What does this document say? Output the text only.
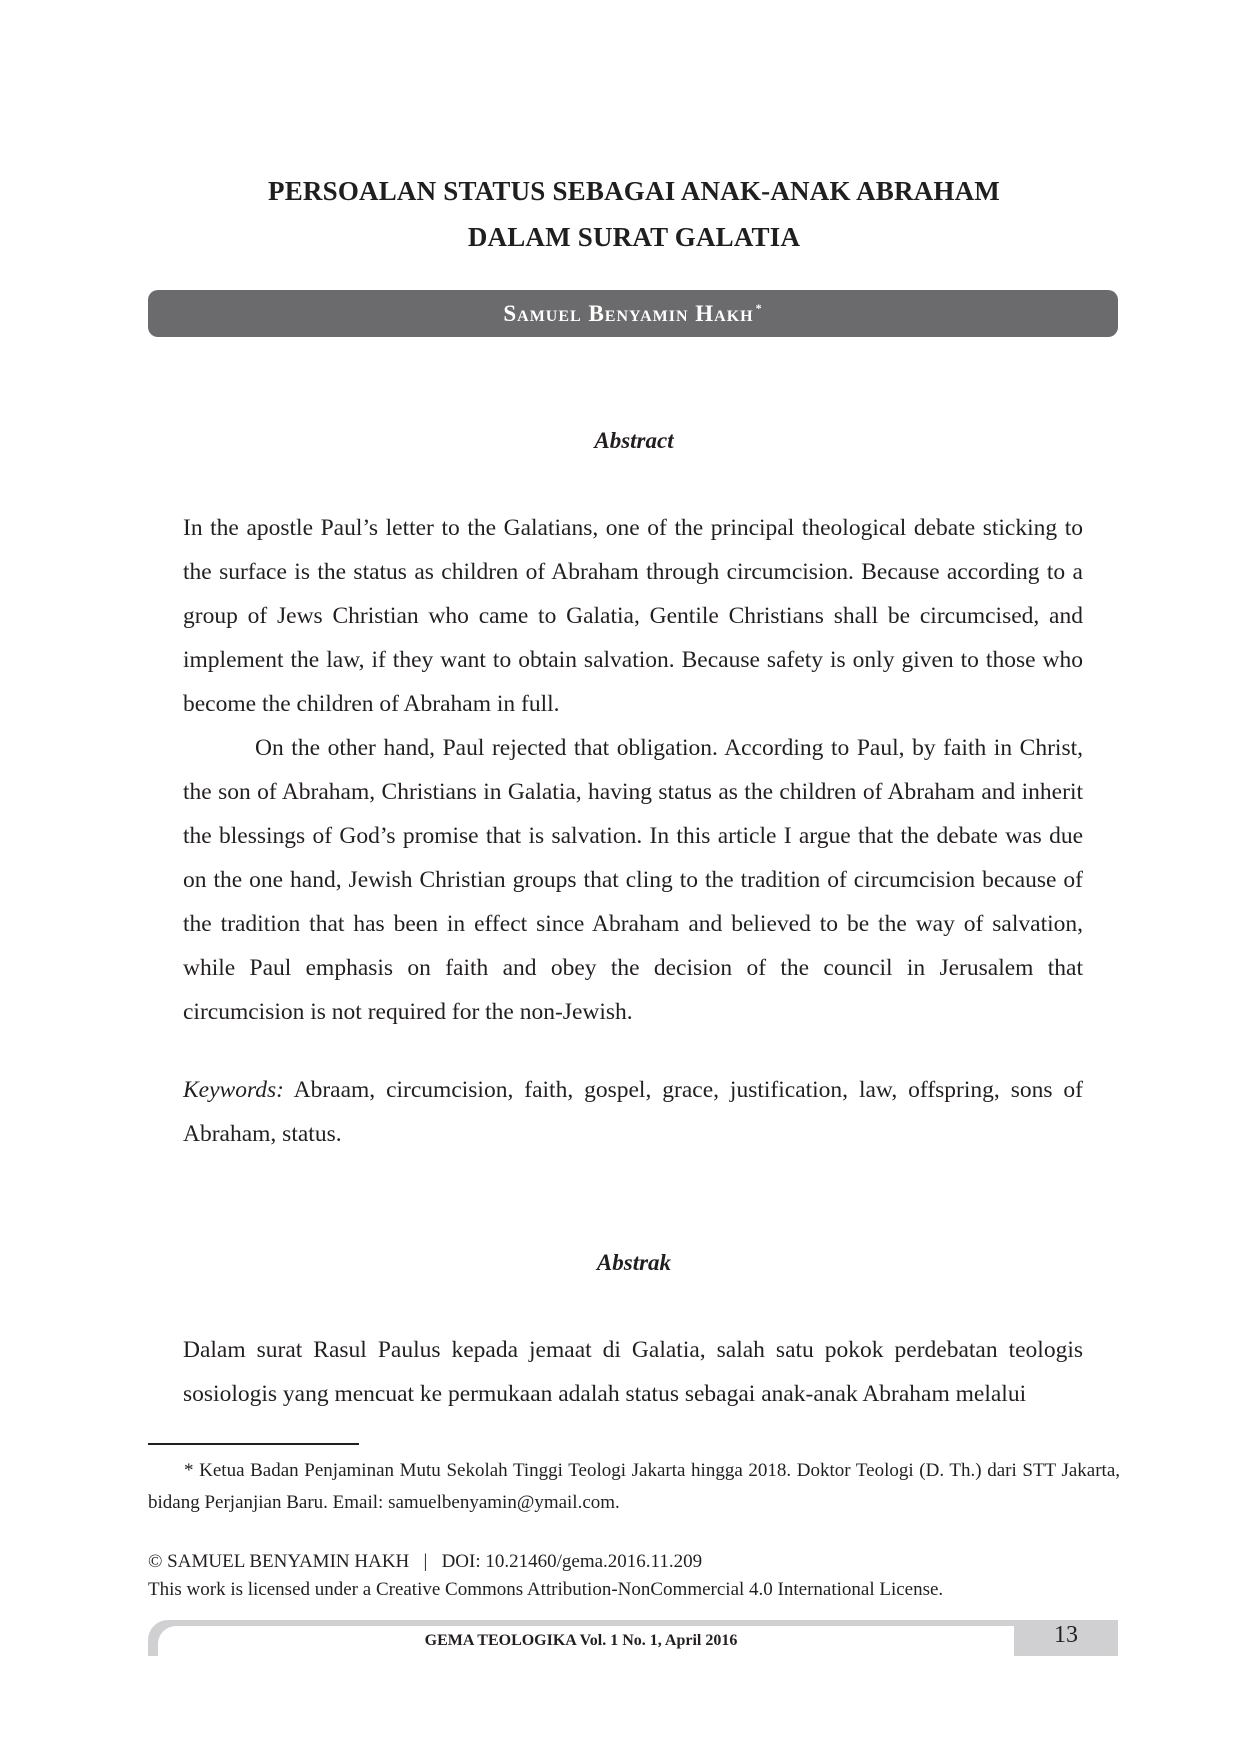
PERSOALAN STATUS SEBAGAI ANAK-ANAK ABRAHAM
DALAM SURAT GALATIA
Samuel Benyamin Hakh *
Abstract

In the apostle Paul’s letter to the Galatians, one of the principal theological debate sticking to the surface is the status as children of Abraham through circumcision. Because according to a group of Jews Christian who came to Galatia, Gentile Christians shall be circumcised, and implement the law, if they want to obtain salvation. Because safety is only given to those who become the children of Abraham in full.

On the other hand, Paul rejected that obligation. According to Paul, by faith in Christ, the son of Abraham, Christians in Galatia, having status as the children of Abraham and inherit the blessings of God’s promise that is salvation. In this article I argue that the debate was due on the one hand, Jewish Christian groups that cling to the tradition of circumcision because of the tradition that has been in effect since Abraham and believed to be the way of salvation, while Paul emphasis on faith and obey the decision of the council in Jerusalem that circumcision is not required for the non-Jewish.

Keywords: Abraam, circumcision, faith, gospel, grace, justification, law, offspring, sons of Abraham, status.

Abstrak

Dalam surat Rasul Paulus kepada jemaat di Galatia, salah satu pokok perdebatan teologis sosiologis yang mencuat ke permukaan adalah status sebagai anak-anak Abraham melalui

* Ketua Badan Penjaminan Mutu Sekolah Tinggi Teologi Jakarta hingga 2018. Doktor Teologi (D. Th.) dari STT Jakarta, bidang Perjanjian Baru. Email: samuelbenyamin@ymail.com.

© SAMUEL BENYAMIN HAKH   |   DOI: 10.21460/gema.2016.11.209
This work is licensed under a Creative Commons Attribution-NonCommercial 4.0 International License.
GEMA TEOLOGIKA Vol. 1 No. 1, April 2016	13
